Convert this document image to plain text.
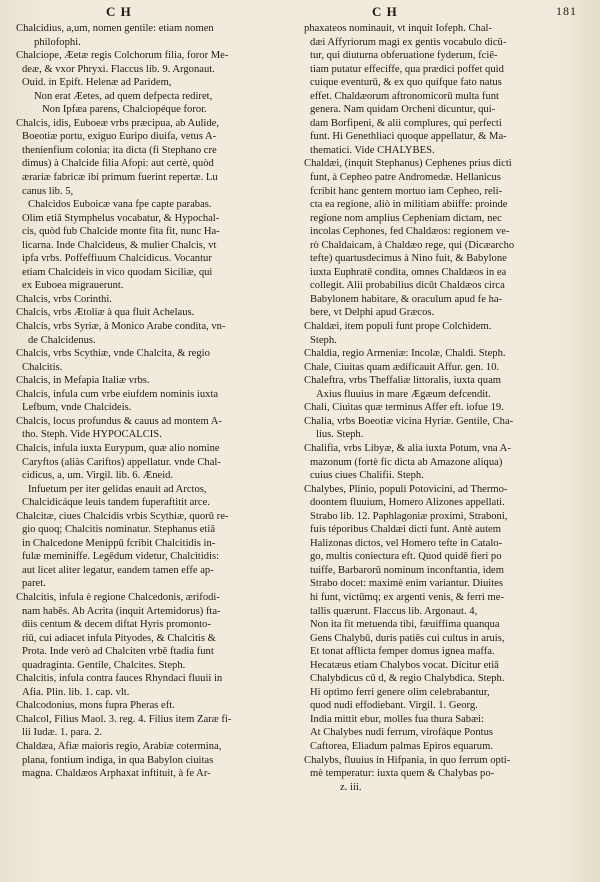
C H	C H	181
Chalcidius, a,um, nomen gentile: etiam nomen
philofophi.
Chalciope, Æetæ regis Colchorum filia, foror Me-
deæ, & vxor Phryxi. Flaccus lib. 9. Argonaut.
Ouid. in Epift. Helenæ ad Paridem,
Non erat Æetes, ad quem defpecta rediret,
Non Ipfæa parens, Chalciopéque foror.
Chalcis, idis, Euboeæ vrbs præcipua, ab Aulide,
Boeotiæ portu, exiguo Euripo diuifa, vetus A-
thenienfium colonia: ita dicta (fi Stephano cre
dimus) à Chalcide filia Afopi: aut certè, quòd
ærariæ fabricæ ibi primum fuerint repertæ. Lu
canus lib. 5,
Chalcidos Euboicæ vana fpe capte parabas.
Olim etiā Stymphelus vocabatur, & Hypochal-
cis, quòd fub Chalcide monte fita fit, nunc Ha-
licarna. Inde Chalcideus, & mulier Chalcis, vt
ipfa vrbs. Poffeffiuum Chalcidicus. Vocantur
etiam Chalcideis in vico quodam Siciliæ, qui
ex Euboea migrauerunt.
Chalcis, vrbs Corinthi.
Chalcis, vrbs Ætoliæ à qua fluit Achelaus.
Chalcis, vrbs Syriæ, à Monico Arabe condita, vn-
de Chalcidenus.
Chalcis, vrbs Scythiæ, vnde Chalcita, & regio
Chalcitis.
Chalcis, in Mefapia Italiæ vrbs.
Chalcis, infula cum vrbe eiufdem nominis iuxta
Lefbum, vnde Chalcideis.
Chalcis, locus profundus & cauus ad montem A-
tho. Steph. Vide HYPOCALCIS.
Chalcis, infula iuxta Eurypum, quæ alio nomine
Caryftos (aliàs Cariftos) appellatur. vnde Chal-
cidicus, a, um. Virgil. lib. 6. Æneid.
Infuetum per iter gelidas enauit ad Arctos,
Chalcidicáque leuis tandem fuperaftitit arce.
Chalcitæ, ciues Chalcidis vrbis Scythiæ, quorū re-
gio quoq; Chalcitis nominatur. Stephanus etiā
in Chalcedone Menippū fcribit Chalcitidis in-
fulæ meminiffe. Legēdum videtur, Chalcitidis:
aut licet aliter legatur, eandem tamen effe ap-
paret.
Chalcitis, infula è regione Chalcedonis, ærifodi-
nam habēs. Ab Acrita (inquit Artemidorus) fta-
diis centum & decem diftat Hyris promonto-
riū, cui adiacet infula Pityodes, & Chalcitis &
Prota. Inde verò ad Chalciten vrbē ftadia funt
quadraginta. Gentile, Chalcites. Steph.
Chalcitis, infula contra fauces Rhyndaci fluuii in
Afia. Plin. lib. 1. cap. vlt.
Chalcodonius, mons fupra Pheras eft.
Chalcol, Filius Maol. 3. reg. 4. Filius item Zaræ fi-
lii Iudæ. 1. para. 2.
Chaldæa, Afiæ maioris regio, Arabiæ cotermina,
plana, fontium indiga, in qua Babylon ciuitas
magna. Chaldæos Arphaxat inftituit, à fe Ar-
phaxateos nominauit, vt inquit Iofeph. Chal-
dæi Affyriorum magi ex gentis vocabulo dicū-
tur, qui diuturna obferuatione fyderum, fciē-
tiam putatur effeciffe, qua prædici poffet quid
cuique eventurū, & ex quo quifque fato natus
effet. Chaldæorum aftronomicorū multa funt
genera. Nam quidam Orcheni dicuntur, qui-
dam Borfipeni, & alii complures, qui perfecti
funt. Hi Genethliaci quoque appellatur, & Ma-
thematici. Vide CHALYBES.
Chaldæi, (inquit Stephanus) Cephenes prius dicti
funt, à Cepheo patre Andromedæ. Hellanicus
fcribit hanc gentem mortuo iam Cepheo, reli-
cta ea regione, aliò in militiam abiiffe: proinde
regione nom amplius Cepheniam dictam, nec
incolas Cephones, fed Chaldæos: regionem ve-
rò Chaldaicam, à Chaldæo rege, qui (Dicæarcho
tefte) quartusdecimus à Nino fuit, & Babylone
iuxta Euphratē condita, omnes Chaldæos in ea
collegit. Alii probabilius dicūt Chaldæos circa
Babylonem habitare, & oraculum apud fe ha-
bere, vt Delphi apud Græcos.
Chaldæi, item populi funt prope Colchidem.
Steph.
Chaldia, regio Armeniæ: Incolæ, Chaldi. Steph.
Chale, Ciuitas quam ædificauit Affur. gen. 10.
Chaleftra, vrbs Theffaliæ littoralis, iuxta quam
Axius fluuius in mare Ægæum defcendit.
Chali, Ciuitas quæ terminus Affer eft. iofue 19.
Chalia, vrbs Boeotiæ vicina Hyriæ. Gentile, Cha-
lius. Steph.
Chalifia, vrbs Libyæ, & alia iuxta Potum, vna A-
mazonum (fortè fic dicta ab Amazone aliqua)
cuius ciues Chalifii. Steph.
Chalybes, Plinio, populi Potovicini, ad Thermo-
doontem fluuium, Homero Alizones appellati.
Strabo lib. 12. Paphlagoniæ proximi, Straboni,
fuis téporibus Chaldæi dicti funt. Antè autem
Halizonas dictos, vel Homero tefte in Catalo-
go, multis coniectura eft. Quod quidē fieri po
tuiffe, Barbarorū nominum inconftantia, idem
Strabo docet: maximè enim variantur. Diuites
hi funt, victūmq; ex argenti venis, & ferri me-
tallis quærunt. Flaccus lib. Argonaut. 4,
Non ita fit metuenda tibi, fæuiffima quanqua
Gens Chalybū, duris patiēs cui cultus in aruis,
Et tonat afflicta femper domus ignea maffa.
Hecatæus etiam Chalybos vocat. Dicitur etiā
Chalybdicus cū d, & regio Chalybdica. Steph.
Hi optimo ferri genere olim celebrabantur,
quod nudi effodiebant. Virgil. 1. Georg.
India mittit ebur, molles fua thura Sabæi:
At Chalybes nudi ferrum, virofáque Pontus
Caftorea, Eliadum palmas Epiros equarum.
Chalybs, fluuius in Hifpania, in quo ferrum opti-
mè temperatur: iuxta quem & Chalybas po-
z. iii.
